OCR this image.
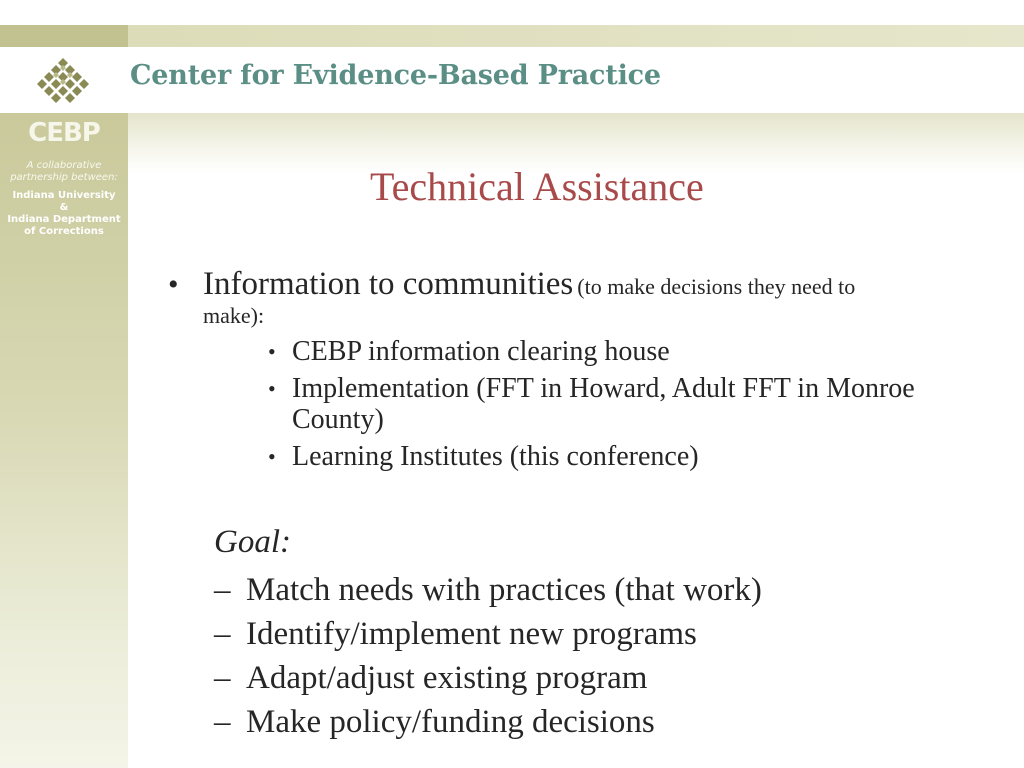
Center for Evidence-Based Practice
CEBP
A collaborative
partnership between:
Indiana University
&
Indiana Department
of Corrections
Technical Assistance
• Information to communities (to make decisions they need to
make):
• CEBP information clearing house
• Implementation (FFT in Howard, Adult FFT in Monroe County)
• Learning Institutes (this conference)
Goal:
– Match needs with practices (that work)
– Identify/implement new programs
– Adapt/adjust existing program
– Make policy/funding decisions
